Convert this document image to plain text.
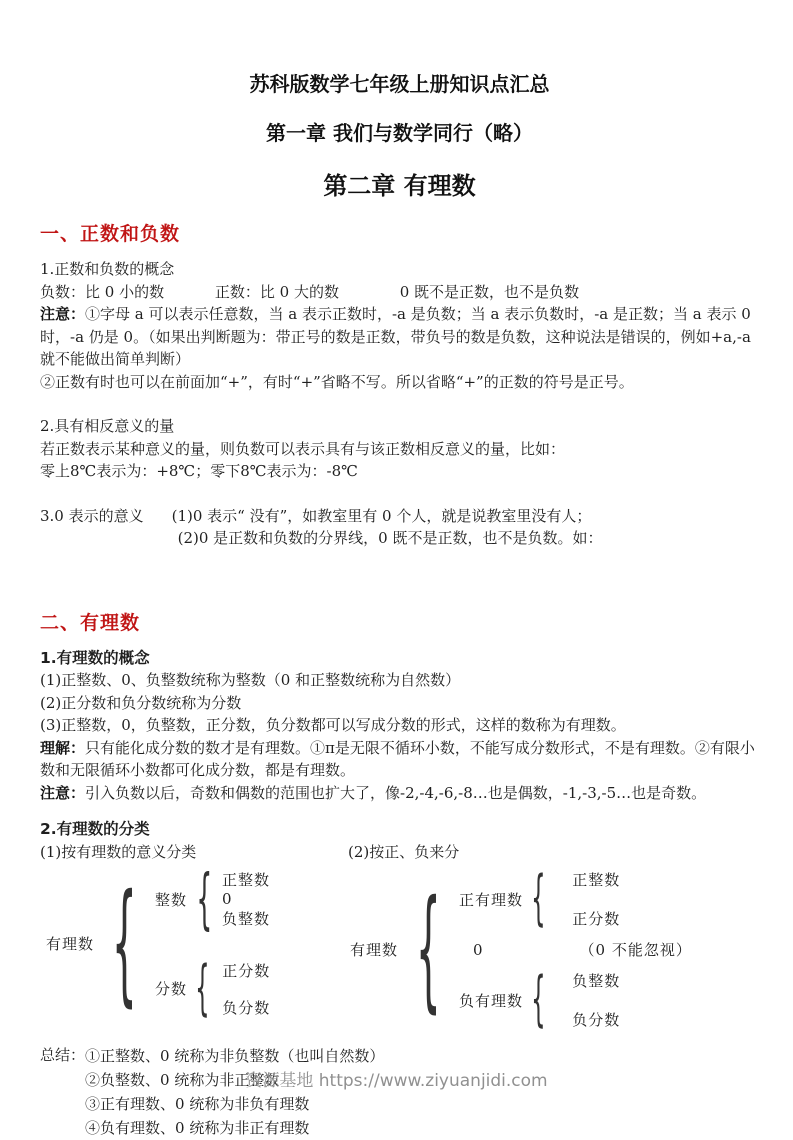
苏科版数学七年级上册知识点汇总
第一章 我们与数学同行（略）
第二章 有理数
一、正数和负数
1.正数和负数的概念

负数：比 0 小的数	正数：比 0 大的数	0 既不是正数，也不是负数

注意：①字母 a 可以表示任意数，当 a 表示正数时，-a 是负数；当 a 表示负数时，-a 是正数；当 a 表示 0 时，-a 仍是 0。（如果出判断题为：带正号的数是正数，带负号的数是负数，这种说法是错误的，例如+a,-a 就不能做出简单判断）

②正数有时也可以在前面加“+”，有时“+”省略不写。所以省略“+”的正数的符号是正号。

2.具有相反意义的量

若正数表示某种意义的量，则负数可以表示具有与该正数相反意义的量，比如：

零上8℃表示为：+8℃；零下8℃表示为：-8℃

3.0 表示的意义 (1)0 表示“ 没有”，如教室里有 0 个人，就是说教室里没有人；
(2)0 是正数和负数的分界线，0 既不是正数，也不是负数。如：
二、有理数
1.有理数的概念

(1)正整数、0、负整数统称为整数（0 和正整数统称为自然数）

(2)正分数和负分数统称为分数

(3)正整数，0，负整数，正分数，负分数都可以写成分数的形式，这样的数称为有理数。

理解：只有能化成分数的数才是有理数。①π是无限不循环小数，不能写成分数形式，不是有理数。②有限小数和无限循环小数都可化成分数，都是有理数。

注意：引入负数以后，奇数和偶数的范围也扩大了，像-2,-4,-6,-8…也是偶数，-1,-3,-5…也是奇数。

2.有理数的分类
(1)按有理数的意义分类	(2)按正、负来分
有理数 { 整数 { 正整数
0
负整数
分数 { 正分数
负分数
有理数 { 正有理数 { 正整数
正分数
0	（0 不能忽视）
负有理数 { 负整数
负分数
总结： ①正整数、0 统称为非负整数（也叫自然数）
②负整数、0 统称为非正整数
③正有理数、0 统称为非负有理数
④负有理数、0 统称为非正有理数
资源基地 https://www.ziyuanjidi.com
